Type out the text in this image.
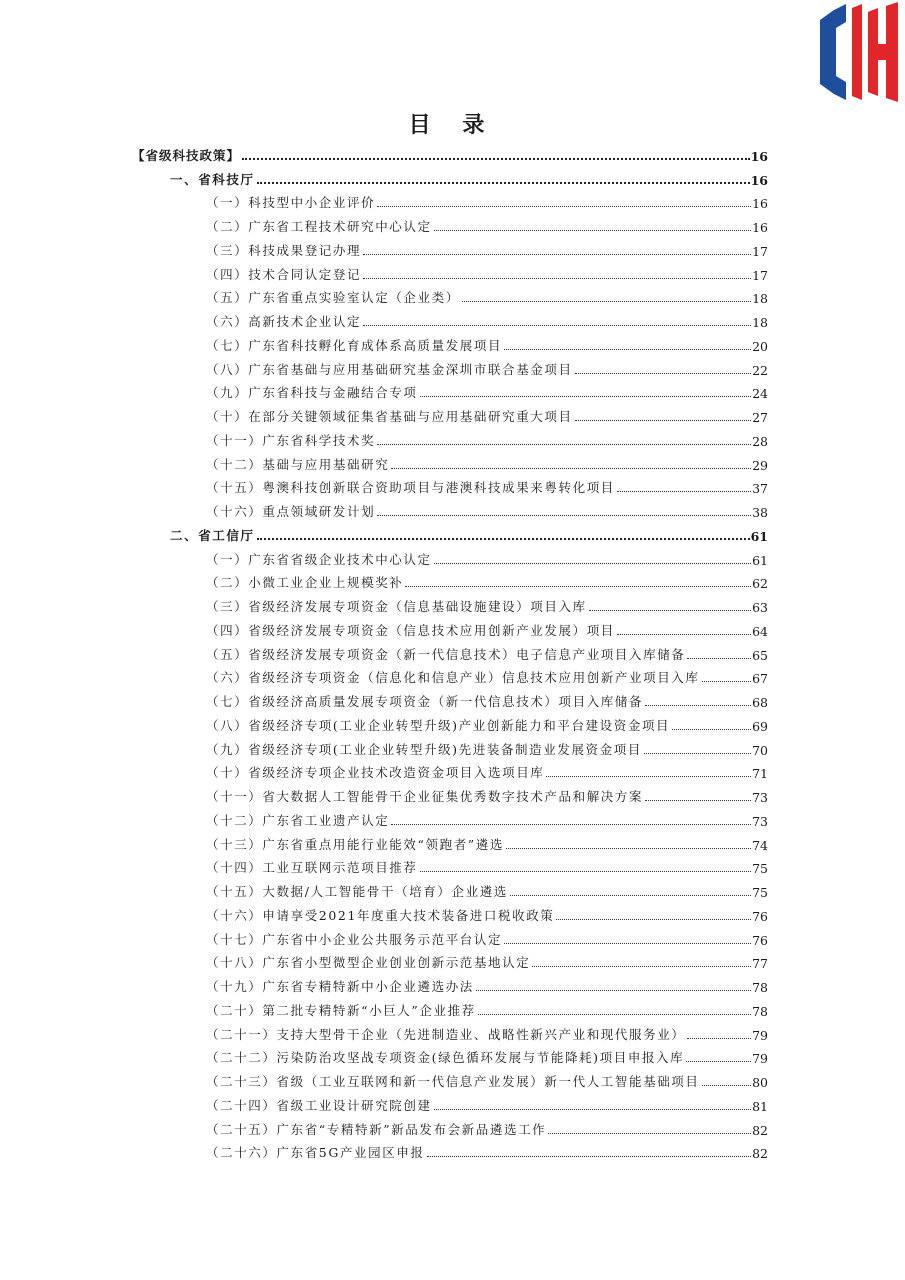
目 录
【省级科技政策】	16
一、省科技厅	16
（一）科技型中小企业评价	16
（二）广东省工程技术研究中心认定	16
（三）科技成果登记办理	17
（四）技术合同认定登记	17
（五）广东省重点实验室认定（企业类）	18
（六）高新技术企业认定	18
（七）广东省科技孵化育成体系高质量发展项目	20
（八）广东省基础与应用基础研究基金深圳市联合基金项目	22
（九）广东省科技与金融结合专项	24
（十）在部分关键领域征集省基础与应用基础研究重大项目	27
（十一）广东省科学技术奖	28
（十二）基础与应用基础研究	29
（十五）粤澳科技创新联合资助项目与港澳科技成果来粤转化项目	37
（十六）重点领域研发计划	38
二、省工信厅	61
（一）广东省省级企业技术中心认定	61
（二）小微工业企业上规模奖补	62
（三）省级经济发展专项资金（信息基础设施建设）项目入库	63
（四）省级经济发展专项资金（信息技术应用创新产业发展）项目	64
（五）省级经济发展专项资金（新一代信息技术）电子信息产业项目入库储备	65
（六）省级经济专项资金（信息化和信息产业）信息技术应用创新产业项目入库	67
（七）省级经济高质量发展专项资金（新一代信息技术）项目入库储备	68
（八）省级经济专项(工业企业转型升级)产业创新能力和平台建设资金项目	69
（九）省级经济专项(工业企业转型升级)先进装备制造业发展资金项目	70
（十）省级经济专项企业技术改造资金项目入选项目库	71
（十一）省大数据人工智能骨干企业征集优秀数字技术产品和解决方案	73
（十二）广东省工业遗产认定	73
（十三）广东省重点用能行业能效“领跑者”遴选	74
（十四）工业互联网示范项目推荐	75
（十五）大数据/人工智能骨干（培育）企业遴选	75
（十六）申请享受2021年度重大技术装备进口税收政策	76
（十七）广东省中小企业公共服务示范平台认定	76
（十八）广东省小型微型企业创业创新示范基地认定	77
（十九）广东省专精特新中小企业遴选办法	78
（二十）第二批专精特新“小巨人”企业推荐	78
（二十一）支持大型骨干企业（先进制造业、战略性新兴产业和现代服务业）	79
（二十二）污染防治攻坚战专项资金(绿色循环发展与节能降耗)项目申报入库	79
（二十三）省级（工业互联网和新一代信息产业发展）新一代人工智能基础项目	80
（二十四）省级工业设计研究院创建	81
（二十五）广东省“专精特新”新品发布会新品遴选工作	82
（二十六）广东省5G产业园区申报	82
